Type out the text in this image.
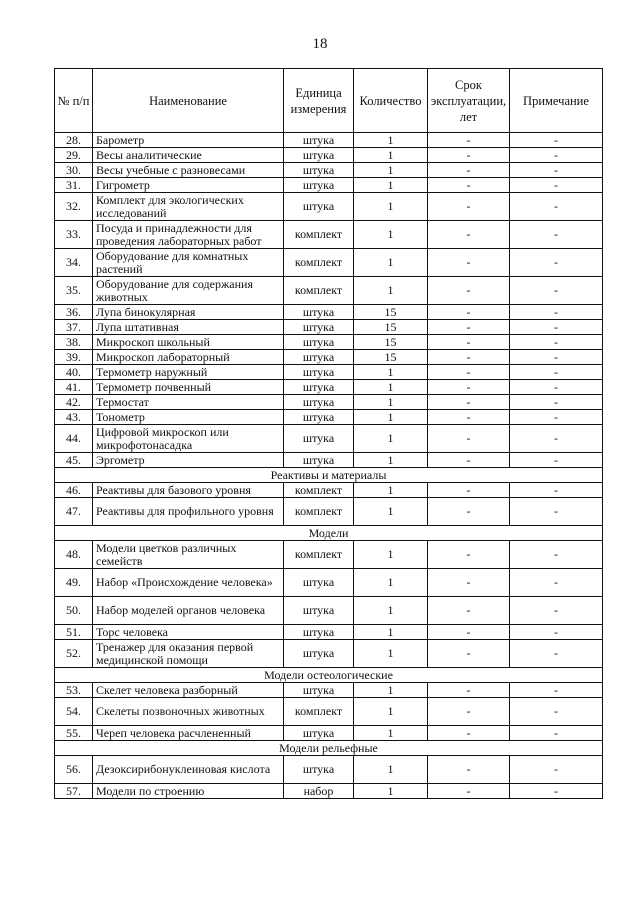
18
№ п/п	Наименование	Единица измерения	Количество	Срок эксплуатации, лет	Примечание
28.	Барометр	штука	1	-	-
29.	Весы аналитические	штука	1	-	-
30.	Весы учебные с разновесами	штука	1	-	-
31.	Гигрометр	штука	1	-	-
32.	Комплект для экологических исследований	штука	1	-	-
33.	Посуда и принадлежности для проведения лабораторных работ	комплект	1	-	-
34.	Оборудование для комнатных растений	комплект	1	-	-
35.	Оборудование для содержания животных	комплект	1	-	-
36.	Лупа бинокулярная	штука	15	-	-
37.	Лупа штативная	штука	15	-	-
38.	Микроскоп школьный	штука	15	-	-
39.	Микроскоп лабораторный	штука	15	-	-
40.	Термометр наружный	штука	1	-	-
41.	Термометр почвенный	штука	1	-	-
42.	Термостат	штука	1	-	-
43.	Тонометр	штука	1	-	-
44.	Цифровой микроскоп или микрофотонасадка	штука	1	-	-
45.	Эргометр	штука	1	-	-
Реактивы и материалы					
46.	Реактивы для базового уровня	комплект	1	-	-
47.	Реактивы для профильного уровня	комплект	1	-	-
Модели					
48.	Модели цветков различных семейств	комплект	1	-	-
49.	Набор «Происхождение человека»	штука	1	-	-
50.	Набор моделей органов человека	штука	1	-	-
51.	Торс человека	штука	1	-	-
52.	Тренажер для оказания первой медицинской помощи	штука	1	-	-
Модели остеологические					
53.	Скелет человека разборный	штука	1	-	-
54.	Скелеты позвоночных животных	комплект	1	-	-
55.	Череп человека расчлененный	штука	1	-	-
Модели рельефные					
56.	Дезоксирибонуклеиновая кислота	штука	1	-	-
57.	Модели по строению	набор	1	-	-
